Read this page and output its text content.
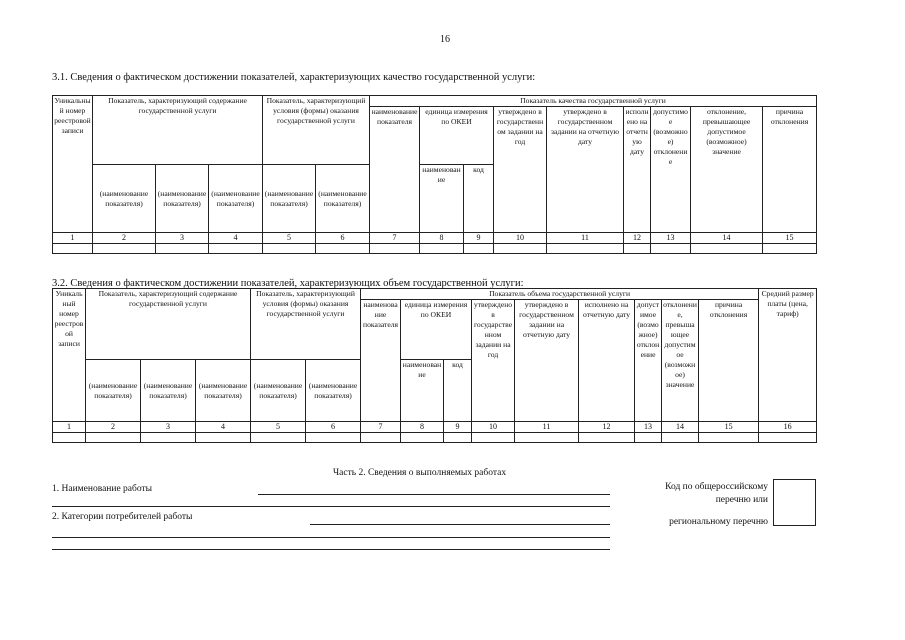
16
3.1. Сведения о фактическом достижении показателей, характеризующих качество государственной услуги:
Уникальный номер реестровой записи	Показатель, характеризующий содержание государственной услуги			Показатель, характеризующий условия (формы) оказания государственной услуги		Показатель качества государственной услуги								
						наименование показателя	единица измерения по ОКЕИ		утверждено в государственном задании на год	утверждено в государственном задании на отчетную дату	исполнено на отчетную дату	допустимое (возможное) отклонение	отклонение, превышающее допустимое (возможное) значение	причина отклонения
	(наименование показателя)	(наименование показателя)	(наименование показателя)	(наименование показателя)	(наименование показателя)		наименование	код						
1	2	3	4	5	6	7	8	9	10	11	12	13	14	15

3.2. Сведения о фактическом достижении показателей, характеризующих объем государственной услуги:
Уникальный номер реестровой записи	Показатель, характеризующий содержание государственной услуги			Показатель, характеризующий условия (формы) оказания государственной услуги		Показатель объема государственной услуги									Средний размер платы (цена, тариф)
						наименование показателя	единица измерения по ОКЕИ		утверждено в государственном задании на год	утверждено в государственном задании на отчетную дату	исполнено на отчетную дату	допустимое (возможное) отклонение	отклонение, превышающее допустимое (возможное) значение	причина отклонения	
	(наименование показателя)	(наименование показателя)	(наименование показателя)	(наименование показателя)	(наименование показателя)		наименование	код							
1	2	3	4	5	6	7	8	9	10	11	12	13	14	15	16

Часть 2. Сведения о выполняемых работах
1. Наименование работы
2. Категории потребителей работы
Код по общероссийскому
перечню или
региональному перечню
